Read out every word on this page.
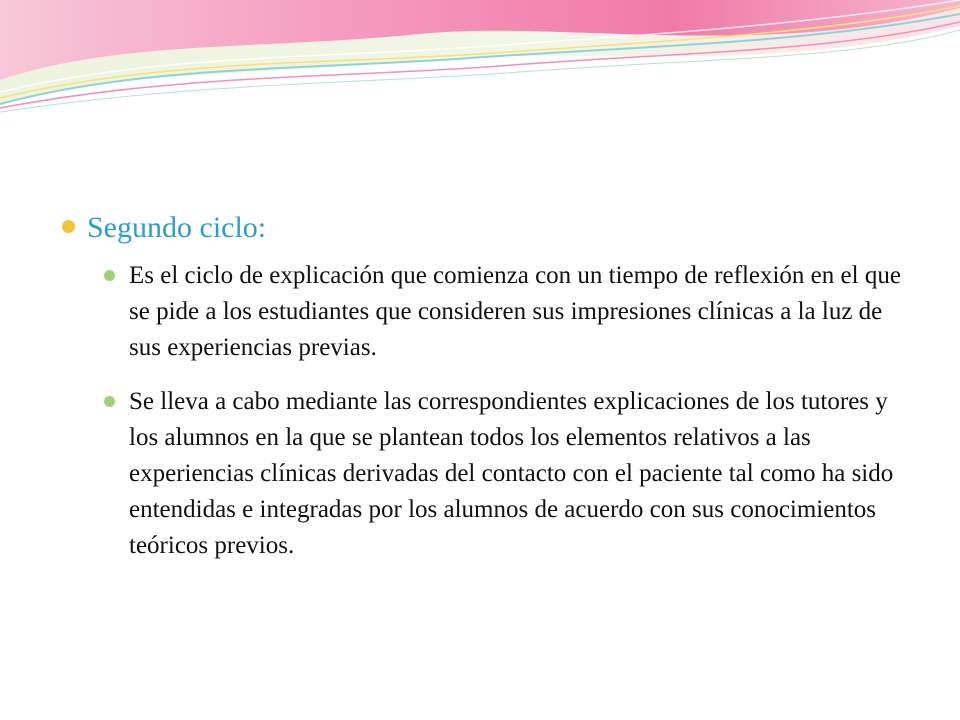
Segundo ciclo:
Es el ciclo de explicación que comienza con un tiempo de reflexión en el que se pide a los estudiantes que consideren sus impresiones clínicas a la luz de sus experiencias previas.
Se lleva a cabo mediante las correspondientes explicaciones de los tutores y los alumnos en la que se plantean todos los elementos relativos a las experiencias clínicas derivadas del contacto con el paciente tal como ha sido entendidas e integradas por los alumnos de acuerdo con sus conocimientos teóricos previos.
